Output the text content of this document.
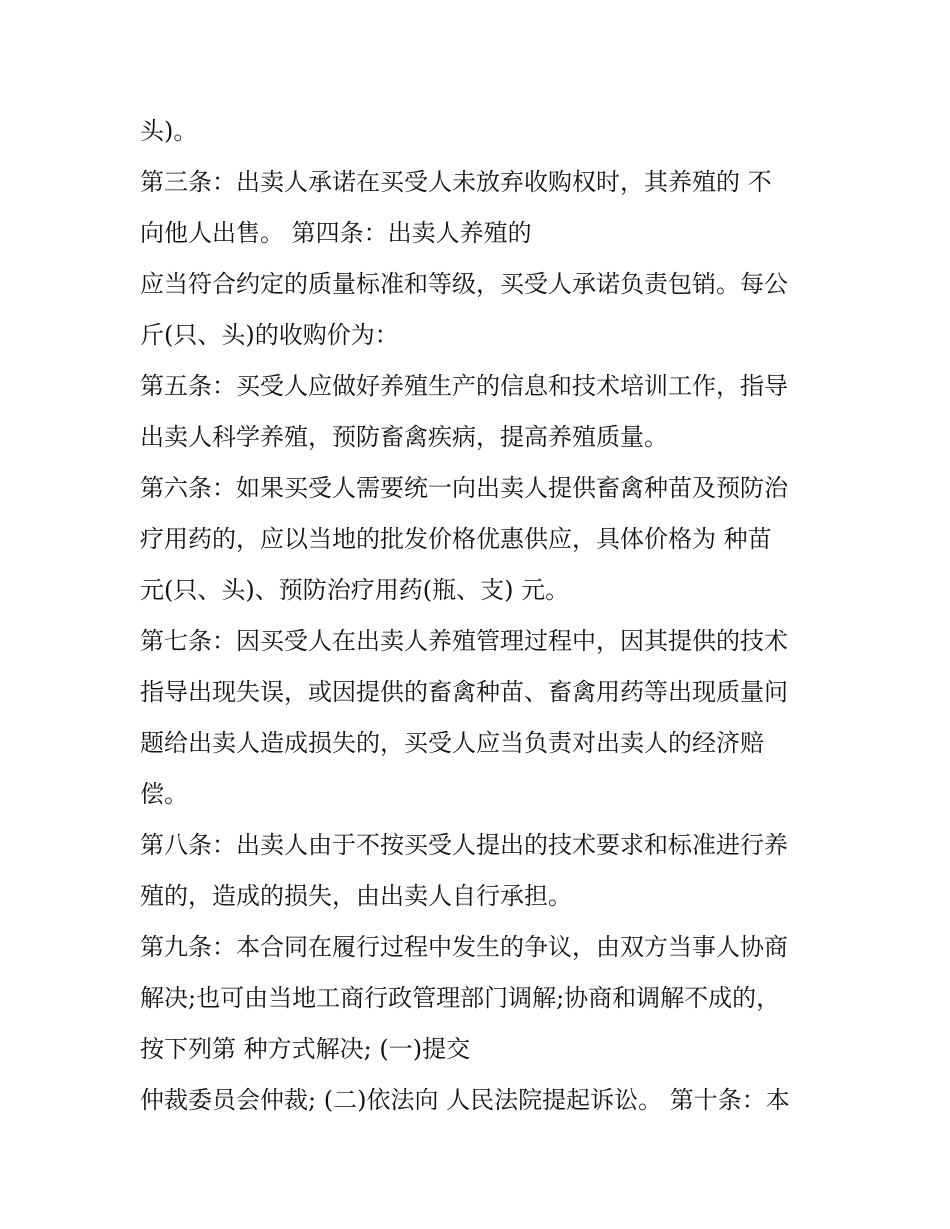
头)。
第三条：出卖人承诺在买受人未放弃收购权时，其养殖的 不
向他人出售。 第四条：出卖人养殖的
应当符合约定的质量标准和等级，买受人承诺负责包销。每公
斤(只、头)的收购价为：
第五条：买受人应做好养殖生产的信息和技术培训工作，指导
出卖人科学养殖，预防畜禽疾病，提高养殖质量。
第六条：如果买受人需要统一向出卖人提供畜禽种苗及预防治
疗用药的，应以当地的批发价格优惠供应，具体价格为 种苗
元(只、头)、预防治疗用药(瓶、支) 元。
第七条：因买受人在出卖人养殖管理过程中，因其提供的技术
指导出现失误，或因提供的畜禽种苗、畜禽用药等出现质量问
题给出卖人造成损失的，买受人应当负责对出卖人的经济赔
偿。
第八条：出卖人由于不按买受人提出的技术要求和标准进行养
殖的，造成的损失，由出卖人自行承担。
第九条：本合同在履行过程中发生的争议，由双方当事人协商
解决;也可由当地工商行政管理部门调解;协商和调解不成的，
按下列第 种方式解决; (一)提交
仲裁委员会仲裁; (二)依法向 人民法院提起诉讼。 第十条：本
